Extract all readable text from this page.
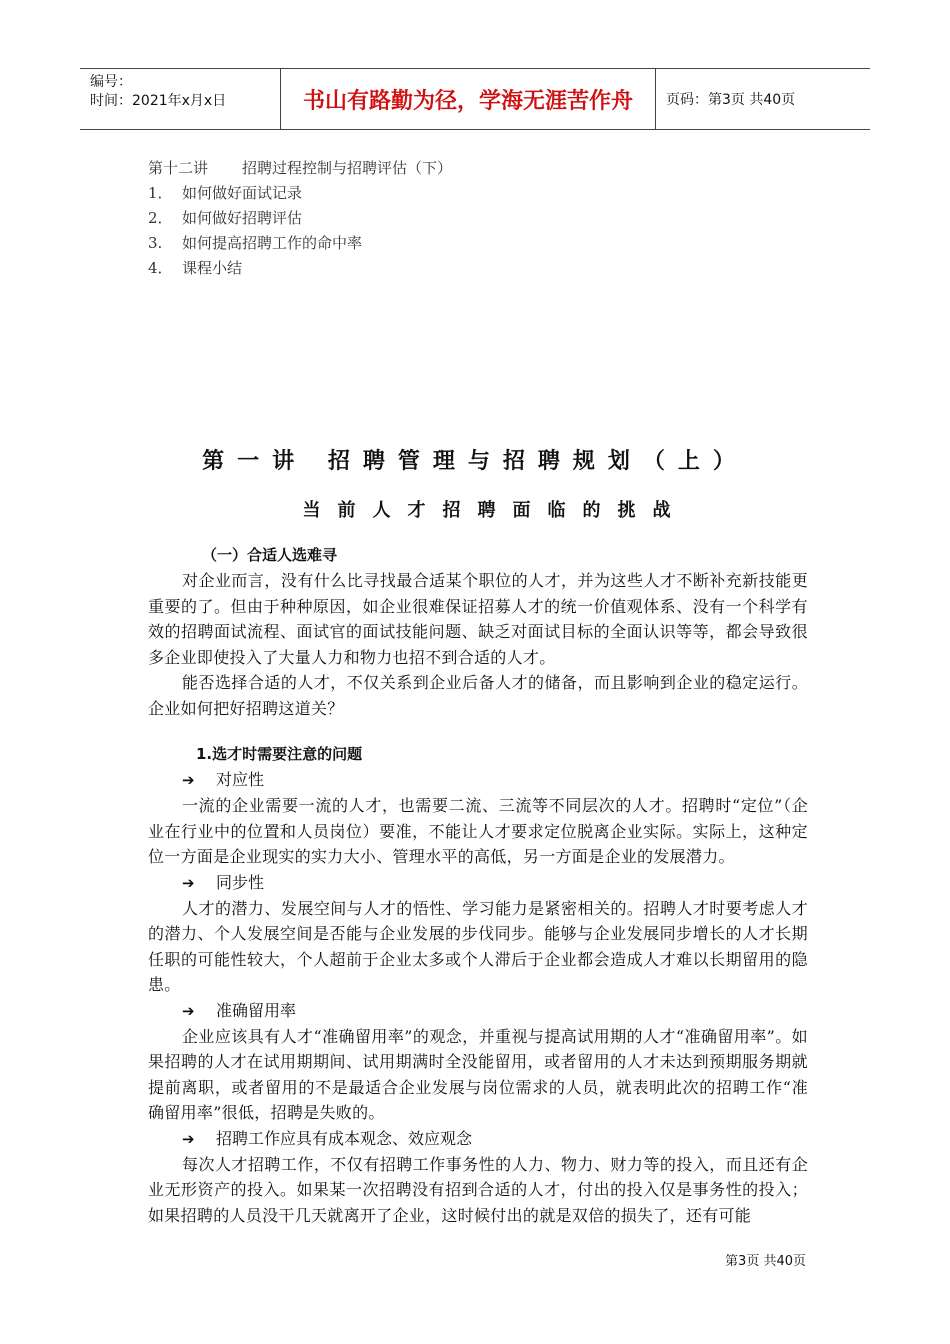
编号：
时间：2021年x月x日	书山有路勤为径，学海无涯苦作舟	页码：第3页 共40页
第十二讲 招聘过程控制与招聘评估（下）
1． 如何做好面试记录
2． 如何做好招聘评估
3. 如何提高招聘工作的命中率
4． 课程小结
第一讲 招聘管理与招聘规划（上）
当前人才招聘面临的挑战
（一）合适人选难寻
对企业而言，没有什么比寻找最合适某个职位的人才，并为这些人才不断补充新技能更重要的了。但由于种种原因，如企业很难保证招募人才的统一价值观体系、没有一个科学有效的招聘面试流程、面试官的面试技能问题、缺乏对面试目标的全面认识等等，都会导致很多企业即使投入了大量人力和物力也招不到合适的人才。
能否选择合适的人才，不仅关系到企业后备人才的储备，而且影响到企业的稳定运行。企业如何把好招聘这道关？
1.选才时需要注意的问题
➔ 对应性
一流的企业需要一流的人才，也需要二流、三流等不同层次的人才。招聘时“定位”（企业在行业中的位置和人员岗位）要准，不能让人才要求定位脱离企业实际。实际上，这种定位一方面是企业现实的实力大小、管理水平的高低，另一方面是企业的发展潜力。
➔ 同步性
人才的潜力、发展空间与人才的悟性、学习能力是紧密相关的。招聘人才时要考虑人才的潜力、个人发展空间是否能与企业发展的步伐同步。能够与企业发展同步增长的人才长期任职的可能性较大，个人超前于企业太多或个人滞后于企业都会造成人才难以长期留用的隐患。
➔ 准确留用率
企业应该具有人才“准确留用率”的观念，并重视与提高试用期的人才“准确留用率”。如果招聘的人才在试用期期间、试用期满时全没能留用，或者留用的人才未达到预期服务期就提前离职，或者留用的不是最适合企业发展与岗位需求的人员，就表明此次的招聘工作“准确留用率”很低，招聘是失败的。
➔ 招聘工作应具有成本观念、效应观念
每次人才招聘工作，不仅有招聘工作事务性的人力、物力、财力等的投入，而且还有企业无形资产的投入。如果某一次招聘没有招到合适的人才，付出的投入仅是事务性的投入；如果招聘的人员没干几天就离开了企业，这时候付出的就是双倍的损失了，还有可能
第3页 共40页
